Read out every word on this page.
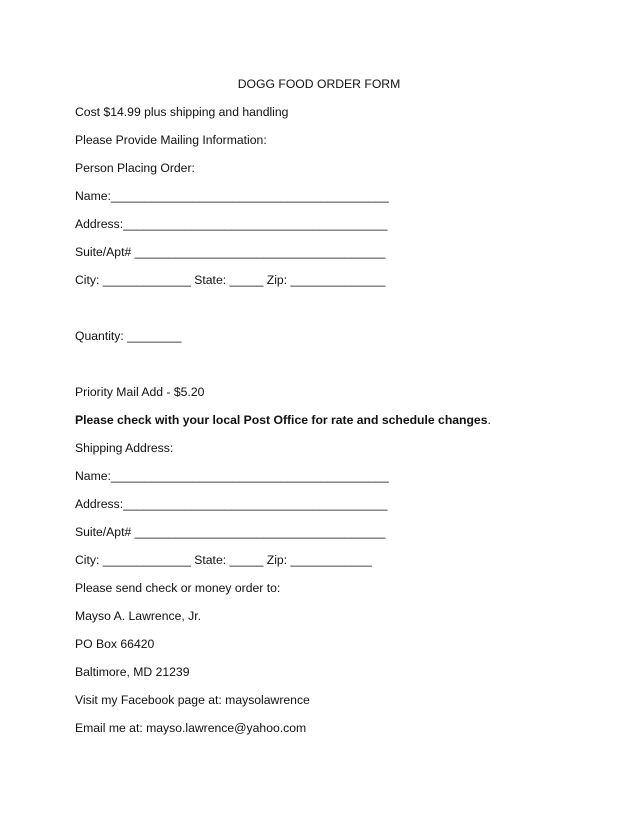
DOGG FOOD ORDER FORM
Cost $14.99 plus shipping and handling
Please Provide Mailing Information:
Person Placing Order:
Name:_________________________________________
Address:_______________________________________
Suite/Apt# _____________________________________
City: _____________ State: _____ Zip: ______________
Quantity: ________
Priority Mail Add - $5.20
Please check with your local Post Office for rate and schedule changes.
Shipping Address:
Name:_________________________________________
Address:_______________________________________
Suite/Apt# _____________________________________
City: _____________ State: _____ Zip: ____________
Please send check or money order to:
Mayso A. Lawrence, Jr.
PO Box 66420
Baltimore, MD 21239
Visit my Facebook page at: maysolawrence
Email me at: mayso.lawrence@yahoo.com
